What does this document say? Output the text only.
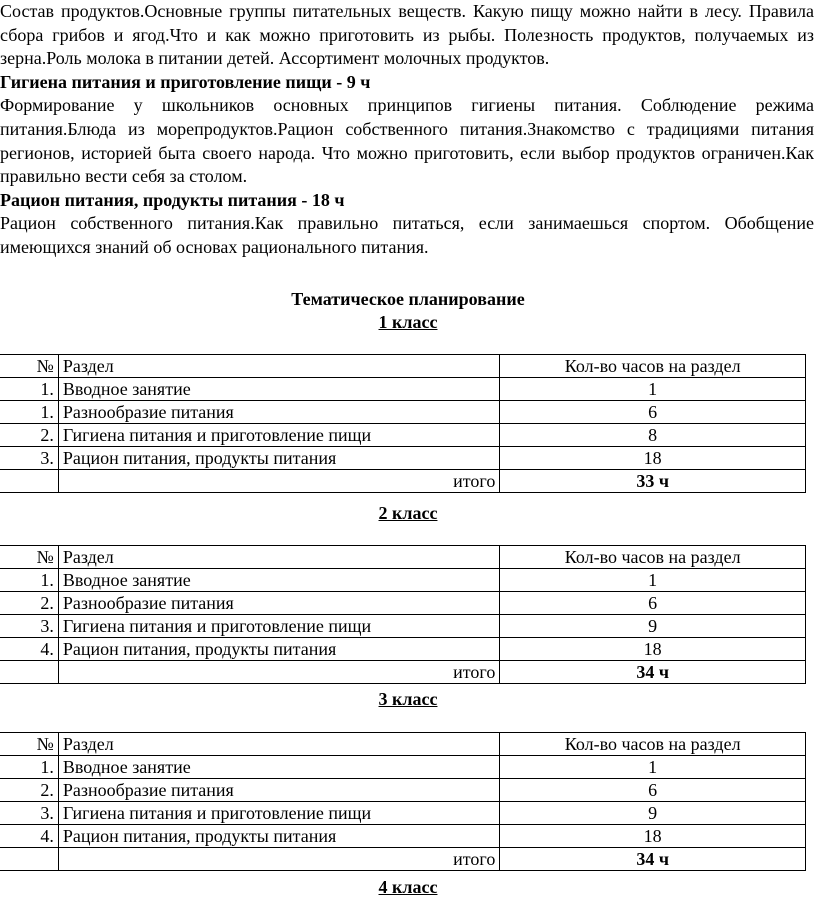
Состав продуктов.Основные группы питательных веществ. Какую пищу можно найти в лесу. Правила сбора грибов и ягод.Что и как можно приготовить из рыбы. Полезность продуктов, получаемых из зерна.Роль молока в питании детей. Ассортимент молочных продуктов.

Гигиена питания и приготовление пищи - 9 ч

Формирование у школьников основных принципов гигиены питания. Соблюдение режима питания.Блюда из морепродуктов.Рацион собственного питания.Знакомство с традициями питания регионов, историей быта своего народа. Что можно приготовить, если выбор продуктов ограничен.Как правильно вести себя за столом.

Рацион питания, продукты питания - 18 ч

Рацион собственного питания.Как правильно питаться, если занимаешься спортом. Обобщение имеющихся знаний об основах рационального питания.

Тематическое планирование

1 класс

№	Раздел	Кол-во часов на раздел
1.	Вводное занятие	1
1.	Разнообразие питания	6
2.	Гигиена питания и приготовление пищи	8
3.	Рацион питания, продукты питания	18
	итого	33 ч

2 класс

№	Раздел	Кол-во часов на раздел
1.	Вводное занятие	1
2.	Разнообразие питания	6
3.	Гигиена питания и приготовление пищи	9
4.	Рацион питания, продукты питания	18
	итого	34 ч

3 класс

№	Раздел	Кол-во часов на раздел
1.	Вводное занятие	1
2.	Разнообразие питания	6
3.	Гигиена питания и приготовление пищи	9
4.	Рацион питания, продукты питания	18
	итого	34 ч

4 класс
